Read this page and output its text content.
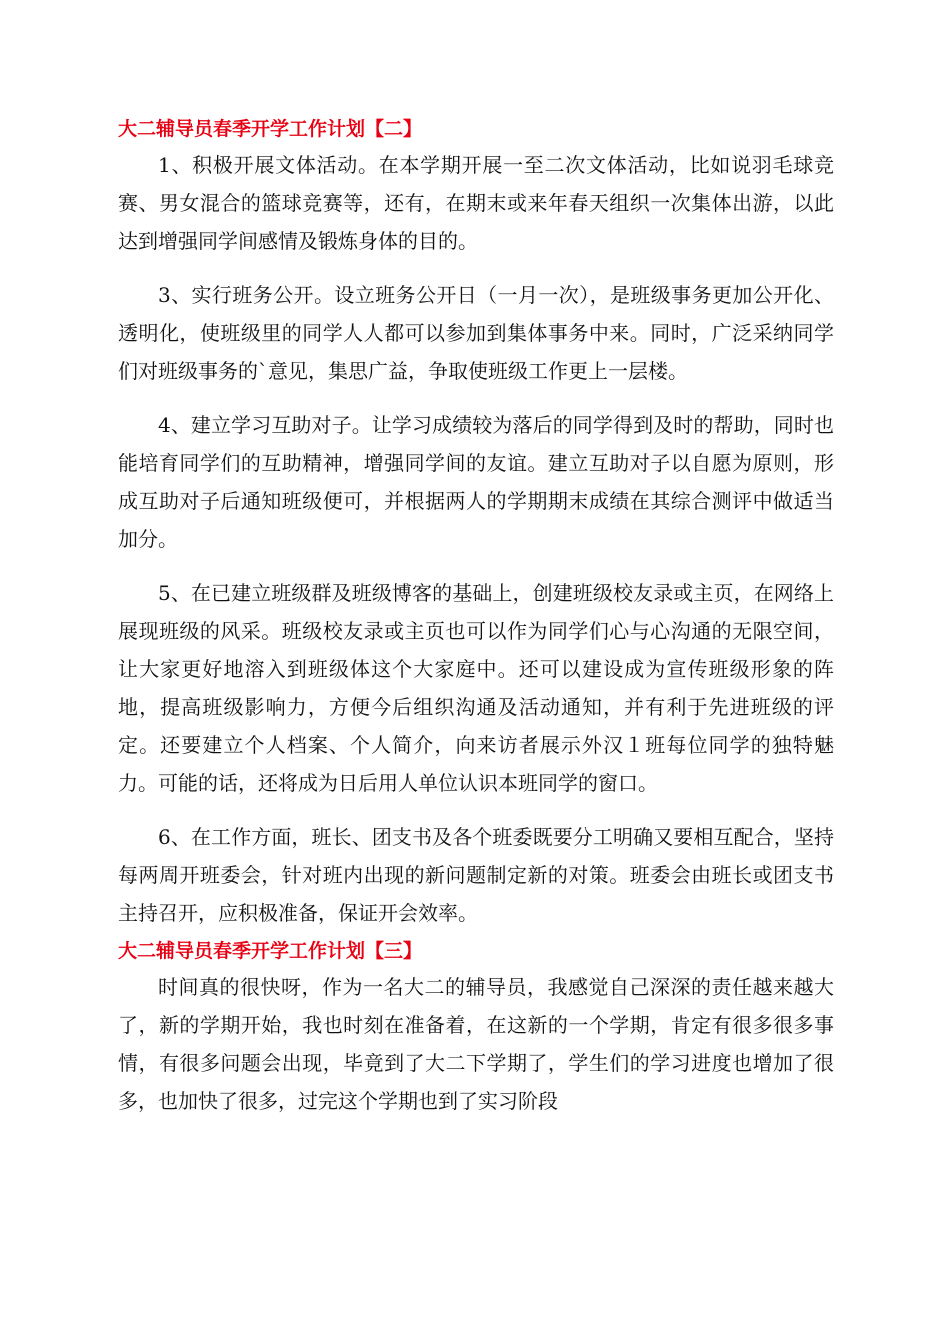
大二辅导员春季开学工作计划【二】

1、积极开展文体活动。在本学期开展一至二次文体活动，比如说羽毛球竞赛、男女混合的篮球竞赛等，还有，在期末或来年春天组织一次集体出游，以此达到增强同学间感情及锻炼身体的目的。

3、实行班务公开。设立班务公开日（一月一次），是班级事务更加公开化、透明化，使班级里的同学人人都可以参加到集体事务中来。同时，广泛采纳同学们对班级事务的`意见，集思广益，争取使班级工作更上一层楼。

4、建立学习互助对子。让学习成绩较为落后的同学得到及时的帮助，同时也能培育同学们的互助精神，增强同学间的友谊。建立互助对子以自愿为原则，形成互助对子后通知班级便可，并根据两人的学期期末成绩在其综合测评中做适当加分。

5、在已建立班级群及班级博客的基础上，创建班级校友录或主页，在网络上展现班级的风采。班级校友录或主页也可以作为同学们心与心沟通的无限空间，让大家更好地溶入到班级体这个大家庭中。还可以建设成为宣传班级形象的阵地，提高班级影响力，方便今后组织沟通及活动通知，并有利于先进班级的评定。还要建立个人档案、个人简介，向来访者展示外汉１班每位同学的独特魅力。可能的话，还将成为日后用人单位认识本班同学的窗口。

6、在工作方面，班长、团支书及各个班委既要分工明确又要相互配合，坚持每两周开班委会，针对班内出现的新问题制定新的对策。班委会由班长或团支书主持召开，应积极准备，保证开会效率。

大二辅导员春季开学工作计划【三】

时间真的很快呀，作为一名大二的辅导员，我感觉自己深深的责任越来越大了，新的学期开始，我也时刻在准备着，在这新的一个学期，肯定有很多很多事情，有很多问题会出现，毕竟到了大二下学期了，学生们的学习进度也增加了很多，也加快了很多，过完这个学期也到了实习阶段
